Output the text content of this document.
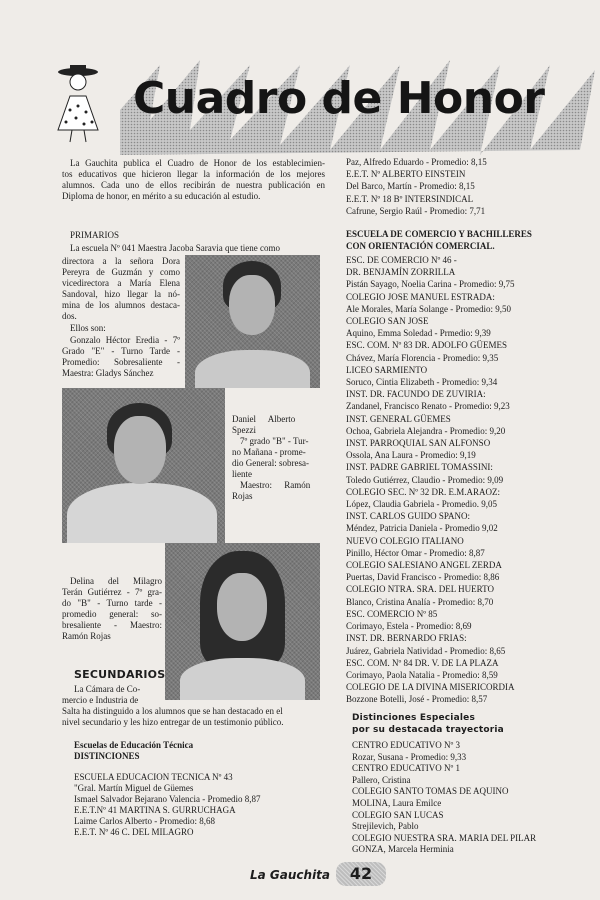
Cuadro de Honor
La Gauchita publica el Cuadro de Honor de los establecimien-
tos educativos que hicieron llegar la información de los mejores
alumnos. Cada uno de ellos recibirán de nuestra publicación en
Diploma de honor, en mérito a su educación al estudio.
PRIMARIOS
La escuela Nº 041 Maestra Jacoba Saravia que tiene como
directora a la señora Dora
Pereyra de Guzmán y como
vicedirectora a María Elena
Sandoval, hizo llegar la nó-
mina de los alumnos destaca-
dos.
Ellos son:
Gonzalo Héctor Eredia - 7º
Grado "E" - Turno Tarde -
Promedio: Sobresaliente -
Maestra: Gladys Sánchez
Daniel Alberto
Spezzi
7º grado "B" - Tur-
no Mañana - prome-
dio General: sobresa-
liente
Maestro: Ramón
Rojas
Delina del Milagro
Terán Gutiérrez - 7º gra-
do "B" - Turno tarde -
promedio general: so-
bresaliente - Maestro:
Ramón Rojas
SECUNDARIOS
La Cámara de Co-
mercio e Industria de
Salta ha distinguido a los alumnos que se han destacado en el
nivel secundario y les hizo entregar de un testimonio público.
Escuelas de Educación Técnica
DISTINCIONES
ESCUELA EDUCACION TECNICA Nº 43
"Gral. Martín Miguel de Güemes
Ismael Salvador Bejarano Valencia - Promedio 8,87
E.E.T.Nº 41 MARTINA S. GURRUCHAGA
Laime Carlos Alberto - Promedio: 8,68
E.E.T. Nº 46 C. DEL MILAGRO
Paz, Alfredo Eduardo - Promedio: 8,15
E.E.T. Nº ALBERTO EINSTEIN
Del Barco, Martín - Promedio: 8,15
E.E.T. Nº 18 Bº INTERSINDICAL
Cafrune, Sergio Raúl - Promedio: 7,71
ESCUELA DE COMERCIO Y BACHILLERES
CON ORIENTACIÓN COMERCIAL.
ESC. DE COMERCIO Nº 46 -
DR. BENJAMÍN ZORRILLA
Pistán Sayago, Noelia Carina - Promedio: 9,75
COLEGIO JOSE MANUEL ESTRADA:
Ale Morales, María Solange - Promedio: 9,50
COLEGIO SAN JOSE
Aquino, Emma Soledad - Prmedio: 9,39
ESC. COM. Nº 83 DR. ADOLFO GÜEMES
Chávez, María Florencia - Promedio: 9,35
LICEO SARMIENTO
Soruco, Cintia Elizabeth - Promedio: 9,34
INST. DR. FACUNDO DE ZUVIRIA:
Zandanel, Francisco Renato - Promedio: 9,23
INST. GENERAL GÜEMES
Ochoa, Gabriela Alejandra - Promedio: 9,20
INST. PARROQUIAL SAN ALFONSO
Ossola, Ana Laura - Promedio: 9,19
INST. PADRE GABRIEL TOMASSINI:
Toledo Gutiérrez, Claudio - Promedio: 9,09
COLEGIO SEC. Nº 32 DR. E.M.ARAOZ:
López, Claudia Gabriela - Promedio. 9,05
INST. CARLOS GUIDO SPANO:
Méndez, Patricia Daniela - Promedio 9,02
NUEVO COLEGIO ITALIANO
Pinillo, Héctor Omar - Promedio: 8,87
COLEGIO SALESIANO ANGEL ZERDA
Puertas, David Francisco - Promedio: 8,86
COLEGIO NTRA. SRA. DEL HUERTO
Blanco, Cristina Analía - Promedio: 8,70
ESC. COMERCIO Nº 85
Corimayo, Estela - Promedio: 8,69
INST. DR. BERNARDO FRIAS:
Juárez, Gabriela Natividad - Promedio: 8,65
ESC. COM. Nº 84 DR. V. DE LA PLAZA
Corimayo, Paola Natalia - Promedio: 8,59
COLEGIO DE LA DIVINA MISERICORDIA
Bozzone Botelli, José - Promedio: 8,57
Distinciones Especiales
por su destacada trayectoria
CENTRO EDUCATIVO Nº 3
Rozar, Susana - Promedio: 9,33
CENTRO EDUCATIVO Nº 1
Pallero, Cristina
COLEGIO SANTO TOMAS DE AQUINO
MOLINA, Laura Emilce
COLEGIO SAN LUCAS
Strejilevich, Pablo
COLEGIO NUESTRA SRA. MARIA DEL PILAR
GONZA, Marcela Herminia
La Gauchita	42
